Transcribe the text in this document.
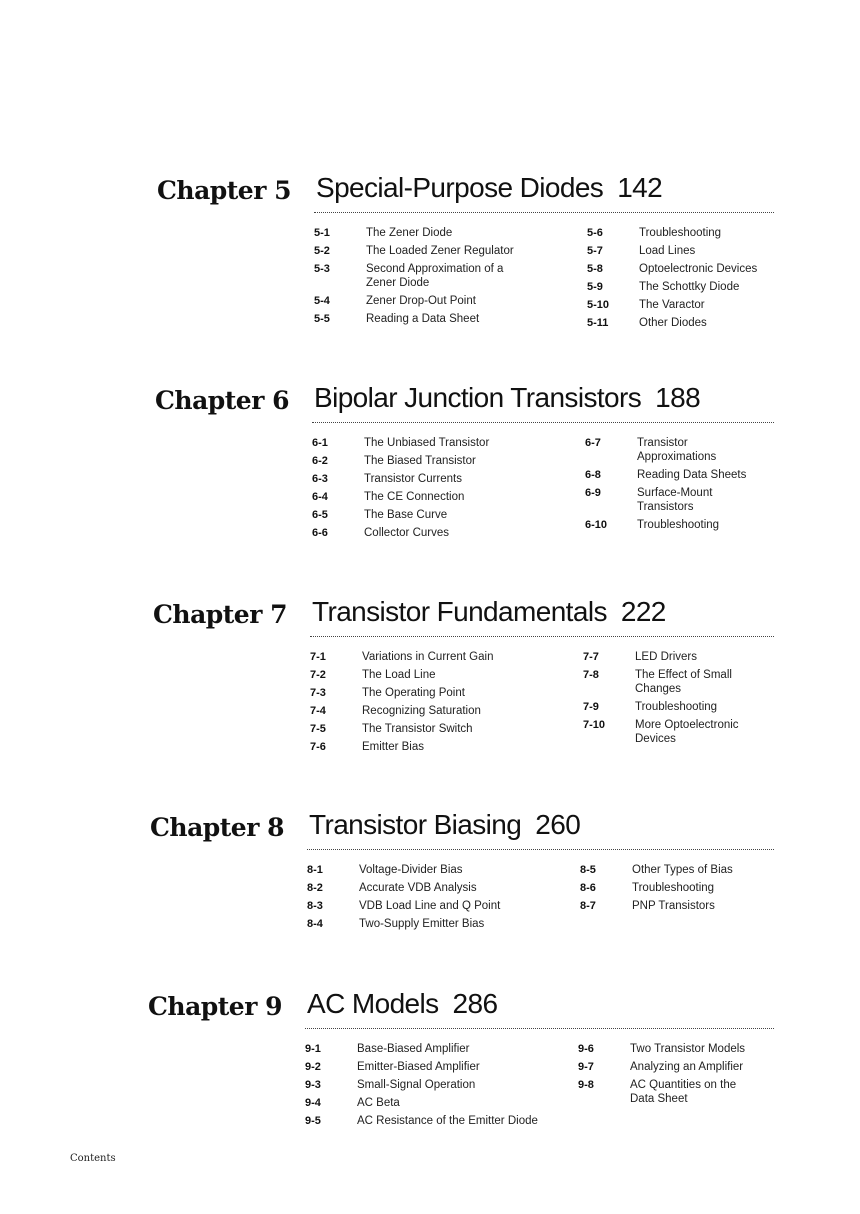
Chapter 5 Special-Purpose Diodes 142
5-1	The Zener Diode
5-2	The Loaded Zener Regulator
5-3	Second Approximation of a
Zener Diode
5-4	Zener Drop-Out Point
5-5	Reading a Data Sheet
5-6	Troubleshooting
5-7	Load Lines
5-8	Optoelectronic Devices
5-9	The Schottky Diode
5-10	The Varactor
5-11	Other Diodes
Chapter 6 Bipolar Junction Transistors 188
6-1	The Unbiased Transistor
6-2	The Biased Transistor
6-3	Transistor Currents
6-4	The CE Connection
6-5	The Base Curve
6-6	Collector Curves
6-7	Transistor
Approximations
6-8	Reading Data Sheets
6-9	Surface-Mount
Transistors
6-10	Troubleshooting
Chapter 7 Transistor Fundamentals 222
7-1	Variations in Current Gain
7-2	The Load Line
7-3	The Operating Point
7-4	Recognizing Saturation
7-5	The Transistor Switch
7-6	Emitter Bias
7-7	LED Drivers
7-8	The Effect of Small
Changes
7-9	Troubleshooting
7-10	More Optoelectronic
Devices
Chapter 8 Transistor Biasing 260
8-1	Voltage-Divider Bias
8-2	Accurate VDB Analysis
8-3	VDB Load Line and Q Point
8-4	Two-Supply Emitter Bias
8-5	Other Types of Bias
8-6	Troubleshooting
8-7	PNP Transistors
Chapter 9 AC Models 286
9-1	Base-Biased Amplifier
9-2	Emitter-Biased Amplifier
9-3	Small-Signal Operation
9-4	AC Beta
9-5	AC Resistance of the Emitter Diode
9-6	Two Transistor Models
9-7	Analyzing an Amplifier
9-8	AC Quantities on the
Data Sheet
Contents
